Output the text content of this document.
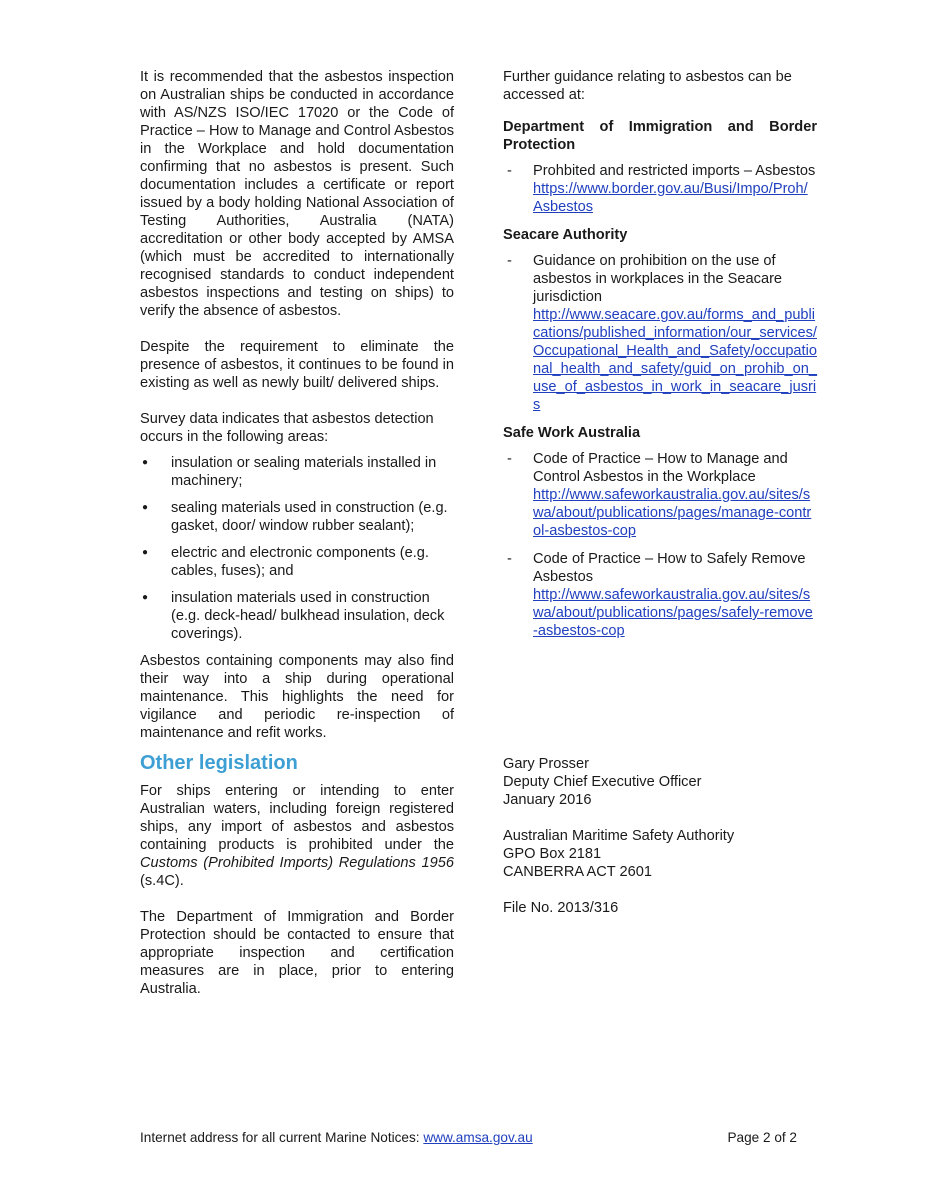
It is recommended that the asbestos inspection on Australian ships be conducted in accordance with AS/NZS ISO/IEC 17020 or the Code of Practice – How to Manage and Control Asbestos in the Workplace and hold documentation confirming that no asbestos is present. Such documentation includes a certificate or report issued by a body holding National Association of Testing Authorities, Australia (NATA) accreditation or other body accepted by AMSA (which must be accredited to internationally recognised standards to conduct independent asbestos inspections and testing on ships) to verify the absence of asbestos.

Despite the requirement to eliminate the presence of asbestos, it continues to be found in existing as well as newly built/ delivered ships.

Survey data indicates that asbestos detection occurs in the following areas:

● insulation or sealing materials installed in machinery;
● sealing materials used in construction (e.g. gasket, door/ window rubber sealant);
● electric and electronic components (e.g. cables, fuses); and
● insulation materials used in construction (e.g. deck-head/ bulkhead insulation, deck coverings).

Asbestos containing components may also find their way into a ship during operational maintenance. This highlights the need for vigilance and periodic re-inspection of maintenance and refit works.

Other legislation

For ships entering or intending to enter Australian waters, including foreign registered ships, any import of asbestos and asbestos containing products is prohibited under the Customs (Prohibited Imports) Regulations 1956 (s.4C).

The Department of Immigration and Border Protection should be contacted to ensure that appropriate inspection and certification measures are in place, prior to entering Australia.

Further guidance relating to asbestos can be accessed at:

Department of Immigration and Border Protection
- Prohbited and restricted imports – Asbestos
https://www.border.gov.au/Busi/Impo/Proh/Asbestos
Seacare Authority
- Guidance on prohibition on the use of asbestos in workplaces in the Seacare jurisdiction
http://www.seacare.gov.au/forms_and_publications/published_information/our_services/Occupational_Health_and_Safety/occupational_health_and_safety/guid_on_prohib_on_use_of_asbestos_in_work_in_seacare_jusris
Safe Work Australia
- Code of Practice – How to Manage and Control Asbestos in the Workplace
http://www.safeworkaustralia.gov.au/sites/swa/about/publications/pages/manage-control-asbestos-cop
- Code of Practice – How to Safely Remove Asbestos
http://www.safeworkaustralia.gov.au/sites/swa/about/publications/pages/safely-remove-asbestos-cop

Gary Prosser

Deputy Chief Executive Officer

January 2016

Australian Maritime Safety Authority

GPO Box 2181

CANBERRA ACT 2601

File No. 2013/316

Internet address for all current Marine Notices: www.amsa.gov.au	Page 2 of 2
